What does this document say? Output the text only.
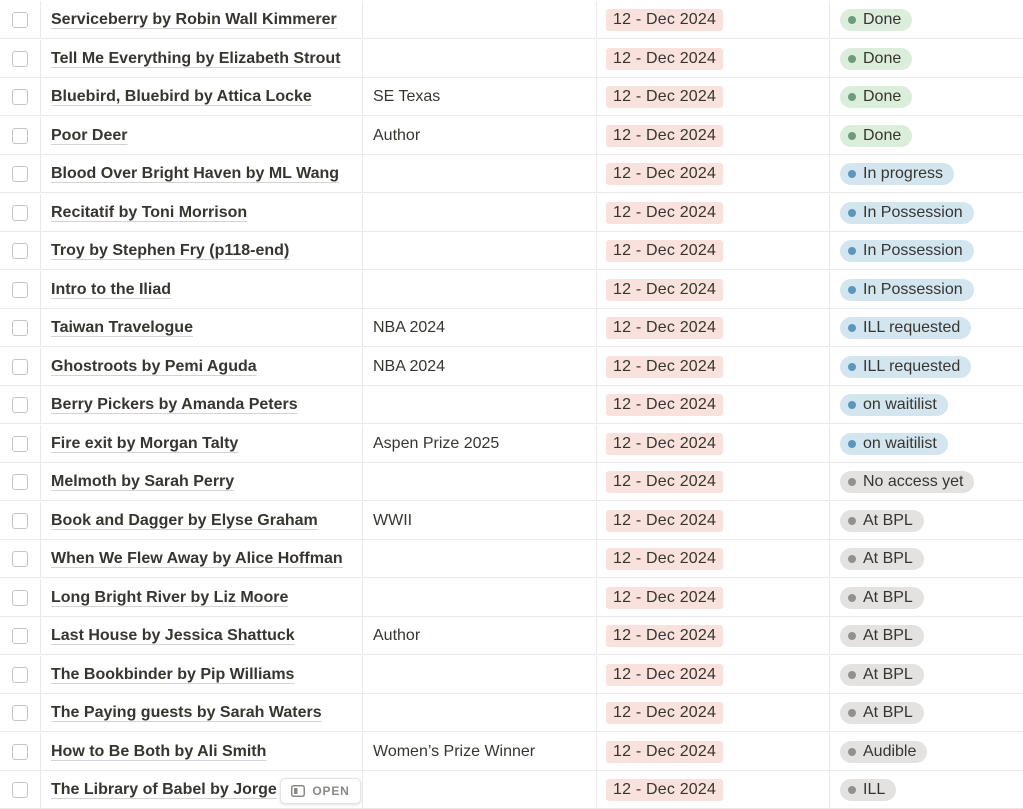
Serviceberry by Robin Wall Kimmerer	12 - Dec 2024	Done
Tell Me Everything by Elizabeth Strout	12 - Dec 2024	Done
Bluebird, Bluebird by Attica Locke	SE Texas	12 - Dec 2024	Done
Poor Deer	Author	12 - Dec 2024	Done
Blood Over Bright Haven by ML Wang	12 - Dec 2024	In progress
Recitatif by Toni Morrison	12 - Dec 2024	In Possession
Troy by Stephen Fry (p118-end)	12 - Dec 2024	In Possession
Intro to the Iliad	12 - Dec 2024	In Possession
Taiwan Travelogue	NBA 2024	12 - Dec 2024	ILL requested
Ghostroots by Pemi Aguda	NBA 2024	12 - Dec 2024	ILL requested
Berry Pickers by Amanda Peters	12 - Dec 2024	on waitilist
Fire exit by Morgan Talty	Aspen Prize 2025	12 - Dec 2024	on waitilist
Melmoth by Sarah Perry	12 - Dec 2024	No access yet
Book and Dagger by Elyse Graham	WWII	12 - Dec 2024	At BPL
When We Flew Away by Alice Hoffman	12 - Dec 2024	At BPL
Long Bright River by Liz Moore	12 - Dec 2024	At BPL
Last House by Jessica Shattuck	Author	12 - Dec 2024	At BPL
The Bookbinder by Pip Williams	12 - Dec 2024	At BPL
The Paying guests by Sarah Waters	12 - Dec 2024	At BPL
How to Be Both by Ali Smith	Women’s Prize Winner	12 - Dec 2024	Audible
The Library of Babel by Jorge	12 - Dec 2024	ILL
OPEN
